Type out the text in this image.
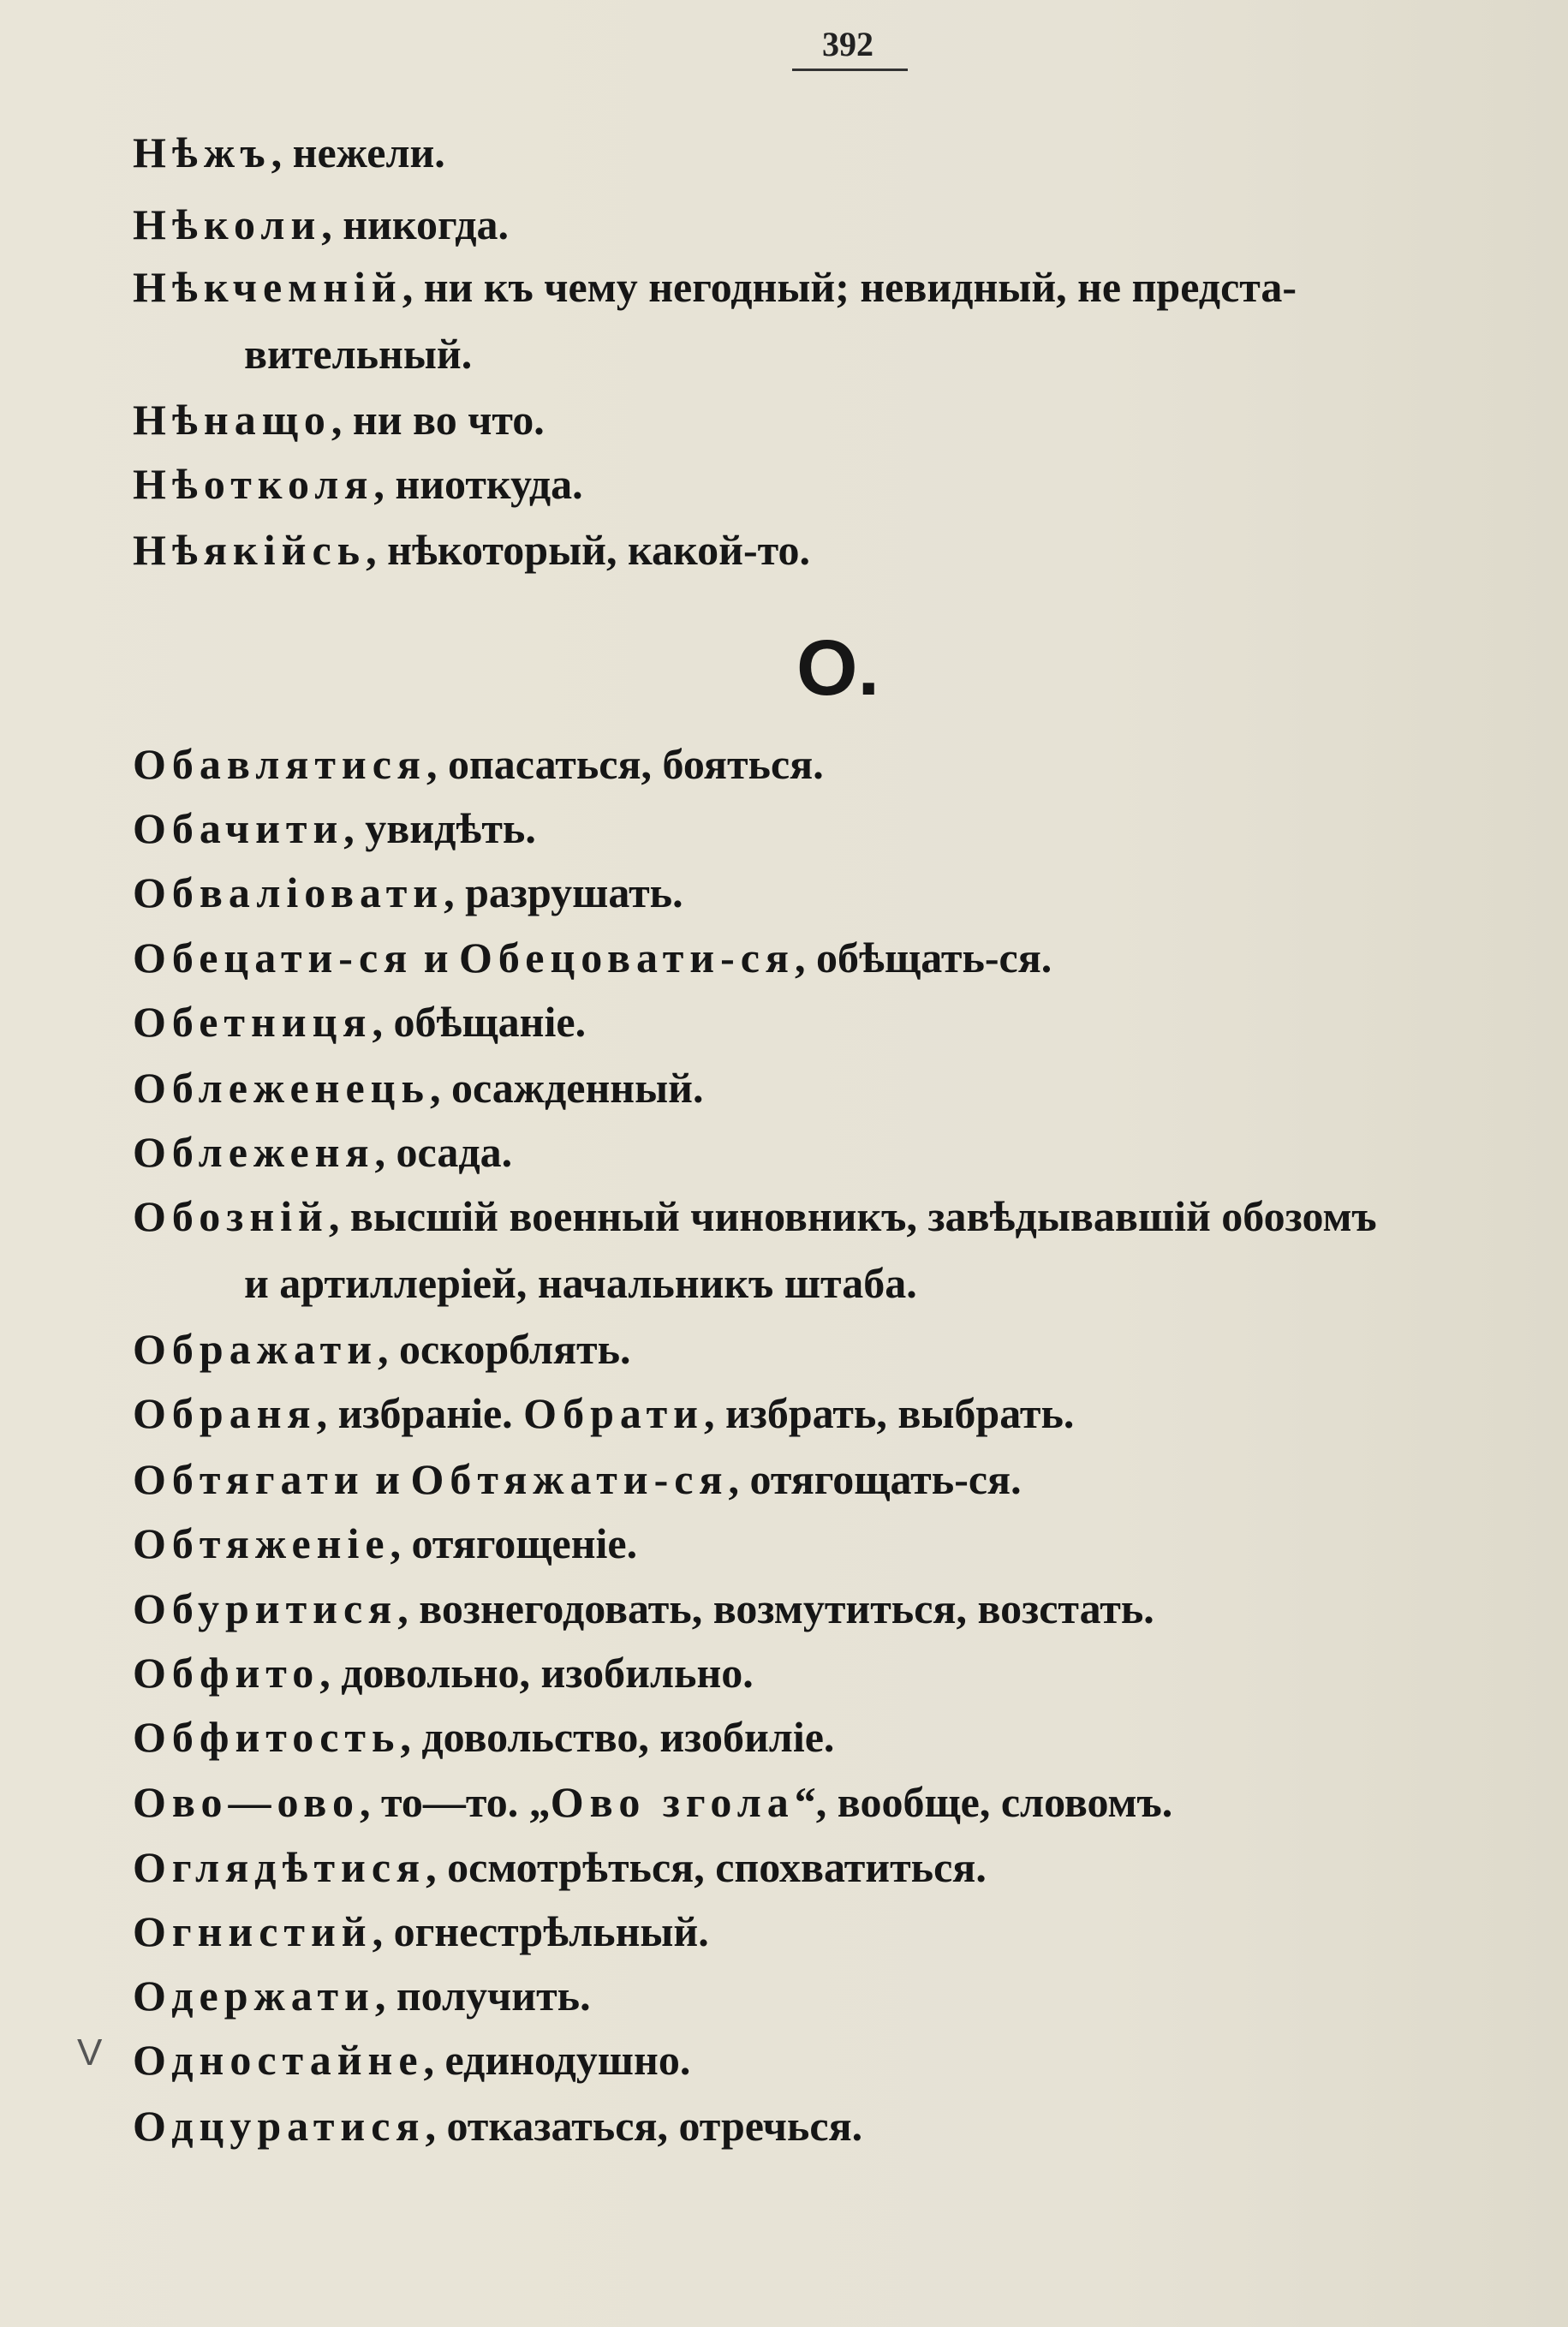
392
Нѣжъ, нежели.
Нѣколи, никогда.
Нѣкчемнiй, ни къ чему негодный; невидный, не предста-
вительный.
Нѣнащо, ни во что.
Нѣотколя, ниоткуда.
Нѣякiйсь, нѣкоторый, какой-то.
О.
Обавлятися, опасаться, бояться.
Обачити, увидѣть.
Обвалiовати, разрушать.
Обецати-ся и Обецовати-ся, обѣщать-ся.
Обетниця, обѣщанiе.
Облеженець, осажденный.
Облеженя, осада.
Обознiй, высшiй военный чиновникъ, завѣдывавшiй обозомъ
и артиллерiей, начальникъ штаба.
Ображати, оскорблять.
Обраня, избранiе. Обрати, избрать, выбрать.
Обтягати и Обтяжати-ся, отягощать-ся.
Обтяженiе, отягощенiе.
Обуритися, вознегодовать, возмутиться, возстать.
Обфито, довольно, изобильно.
Обфитость, довольство, изобилiе.
Ово—ово, то—то. „Ово згола“, вообще, словомъ.
Оглядѣтися, осмотрѣться, спохватиться.
Огнистий, огнестрѣльный.
Одержати, получить.
Одностайне, единодушно.
Одцуратися, отказаться, отречься.
V
